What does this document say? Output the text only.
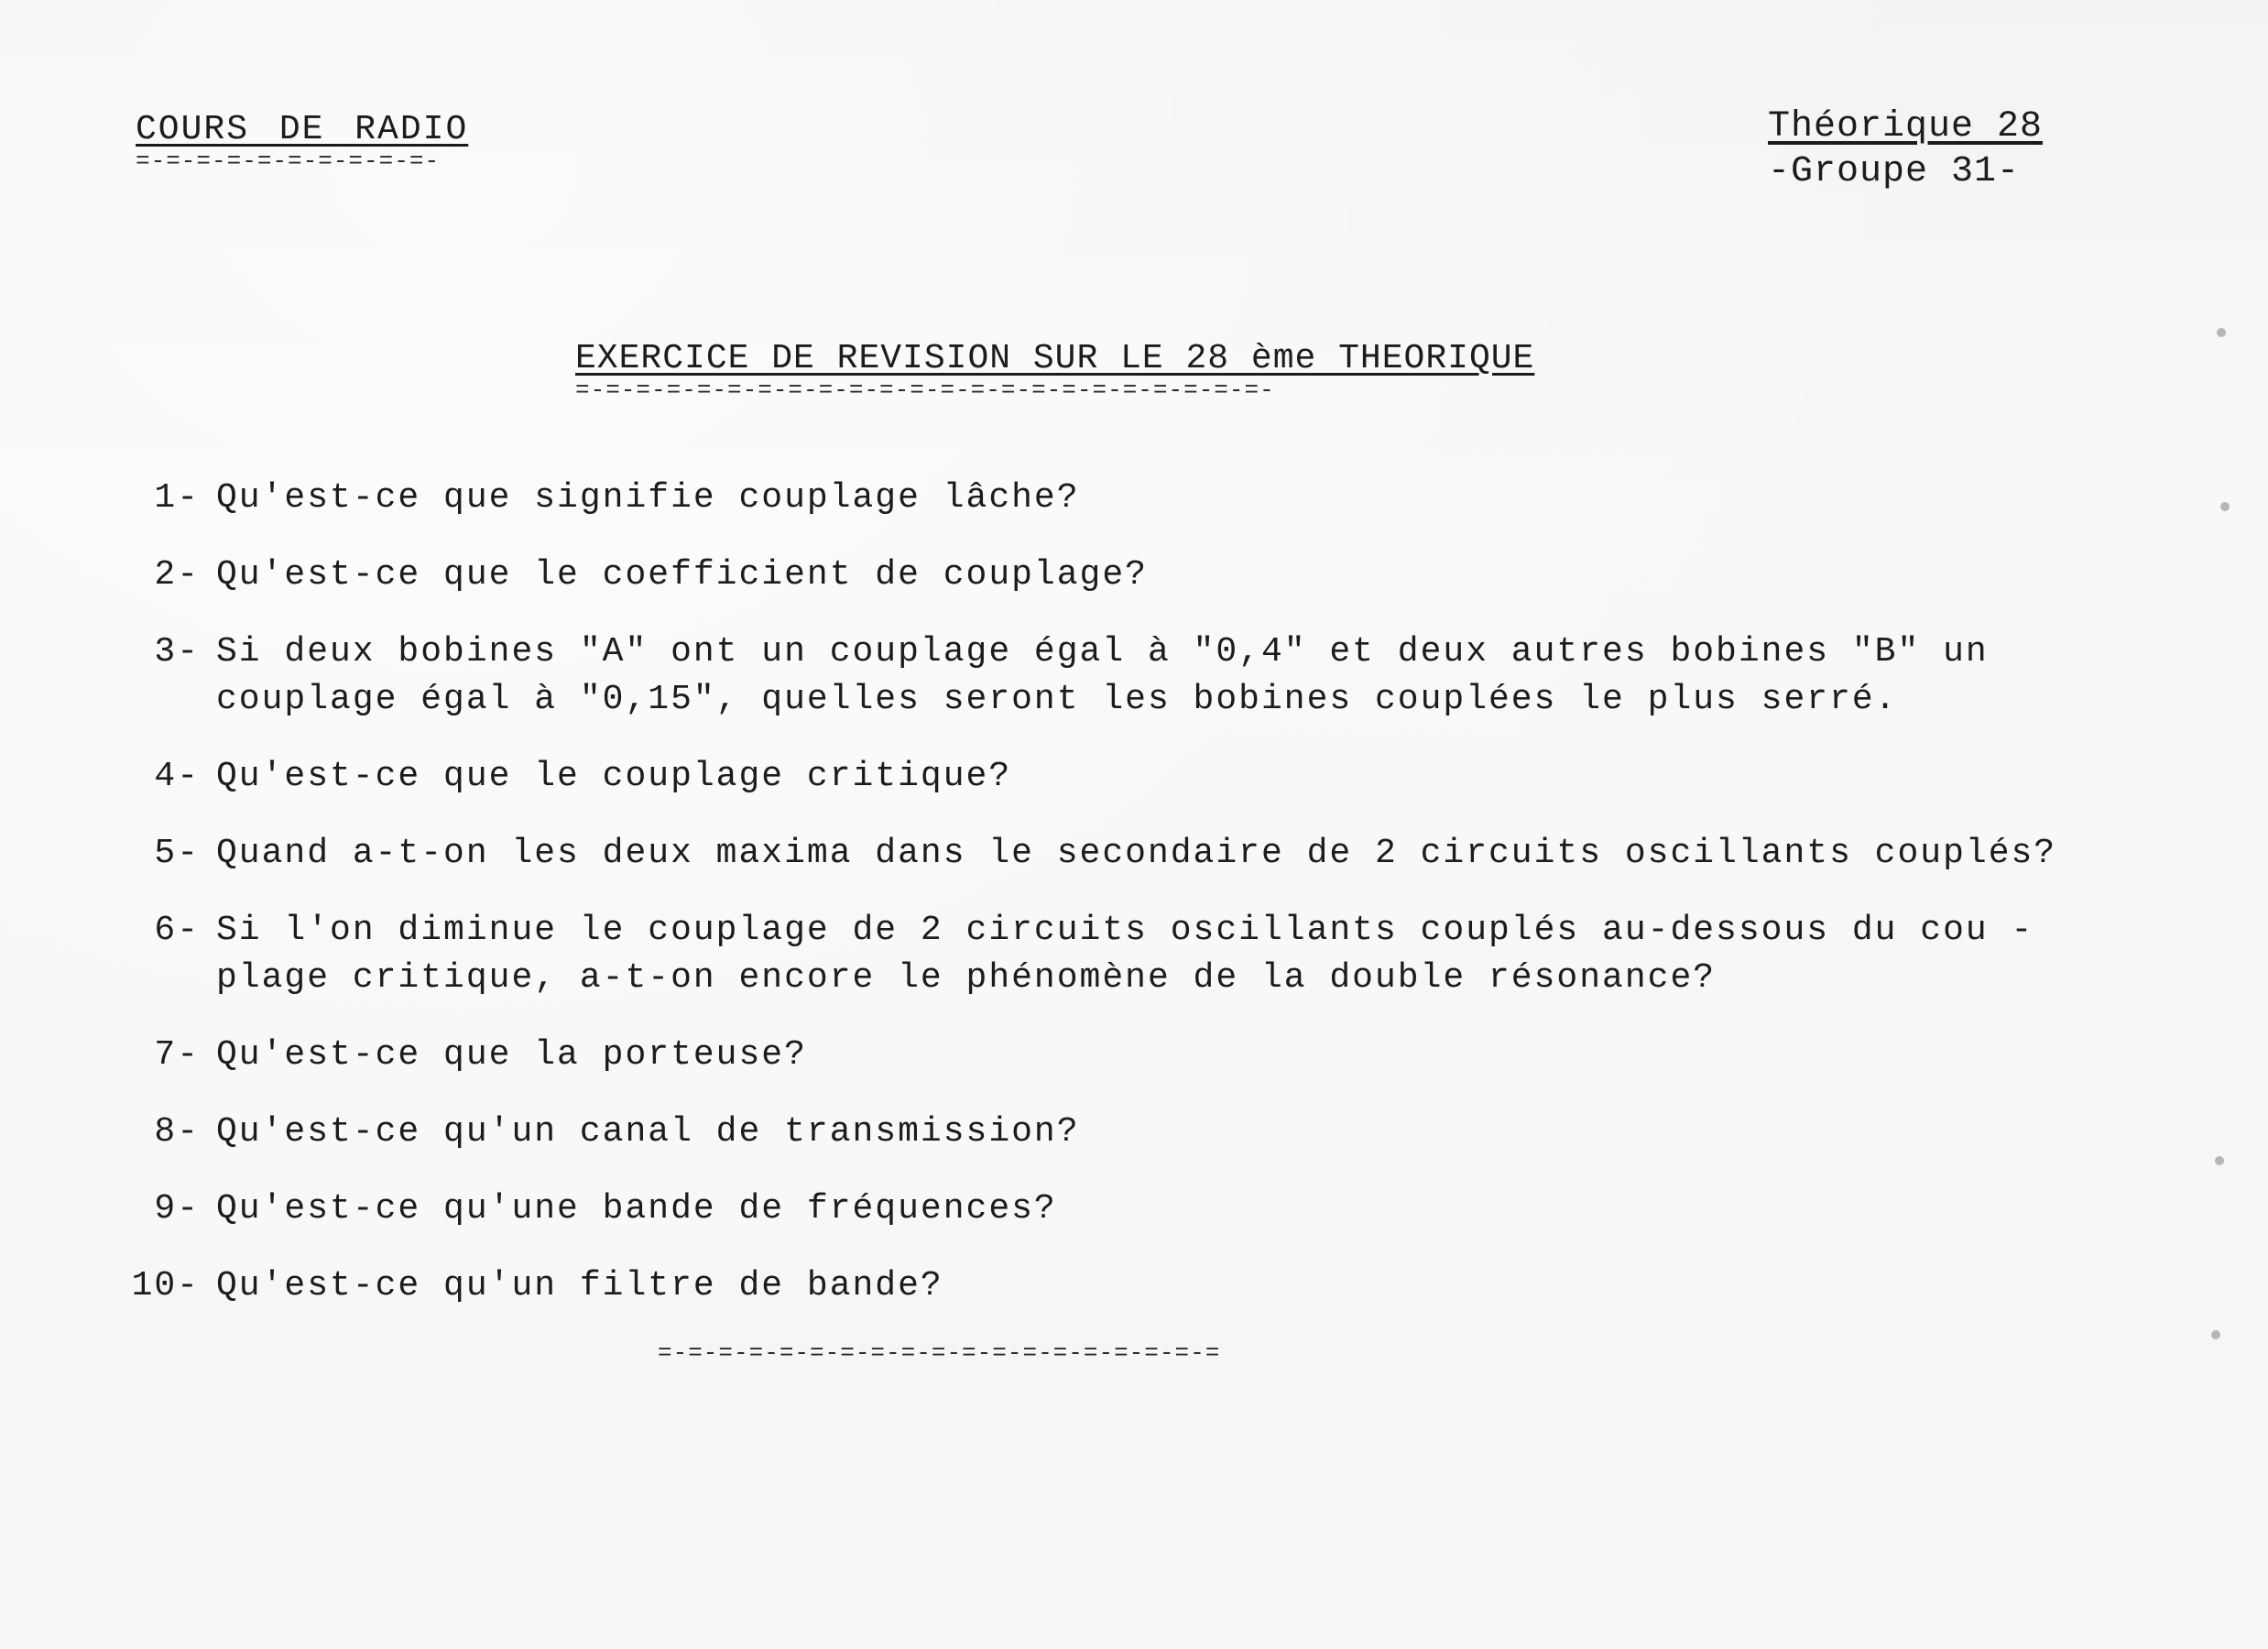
COURS DE RADIO
=-=-=-=-=-=-=-=-=-=-
Théorique 28
-Groupe 31-
EXERCICE DE REVISION SUR LE 28 ème THEORIQUE
=-=-=-=-=-=-=-=-=-=-=-=-=-=-=-=-=-=-=-=-=-=-=-
1- Qu'est-ce que signifie couplage lâche?
2- Qu'est-ce que le coefficient de couplage?
3- Si deux bobines "A" ont un couplage égal à "0,4" et deux autres bobines "B" un couplage égal à "0,15", quelles seront les bobines couplées le plus serré.
4- Qu'est-ce que le couplage critique?
5- Quand a-t-on les deux maxima dans le secondaire de 2 circuits oscillants couplés?
6- Si l'on diminue le couplage de 2 circuits oscillants couplés au-dessous du cou - plage critique, a-t-on encore le phénomène de la double résonance?
7- Qu'est-ce que la porteuse?
8- Qu'est-ce qu'un canal de transmission?
9- Qu'est-ce qu'une bande de fréquences?
10- Qu'est-ce qu'un filtre de bande?
=-=-=-=-=-=-=-=-=-=-=-=-=-=-=-=-=-=-=
